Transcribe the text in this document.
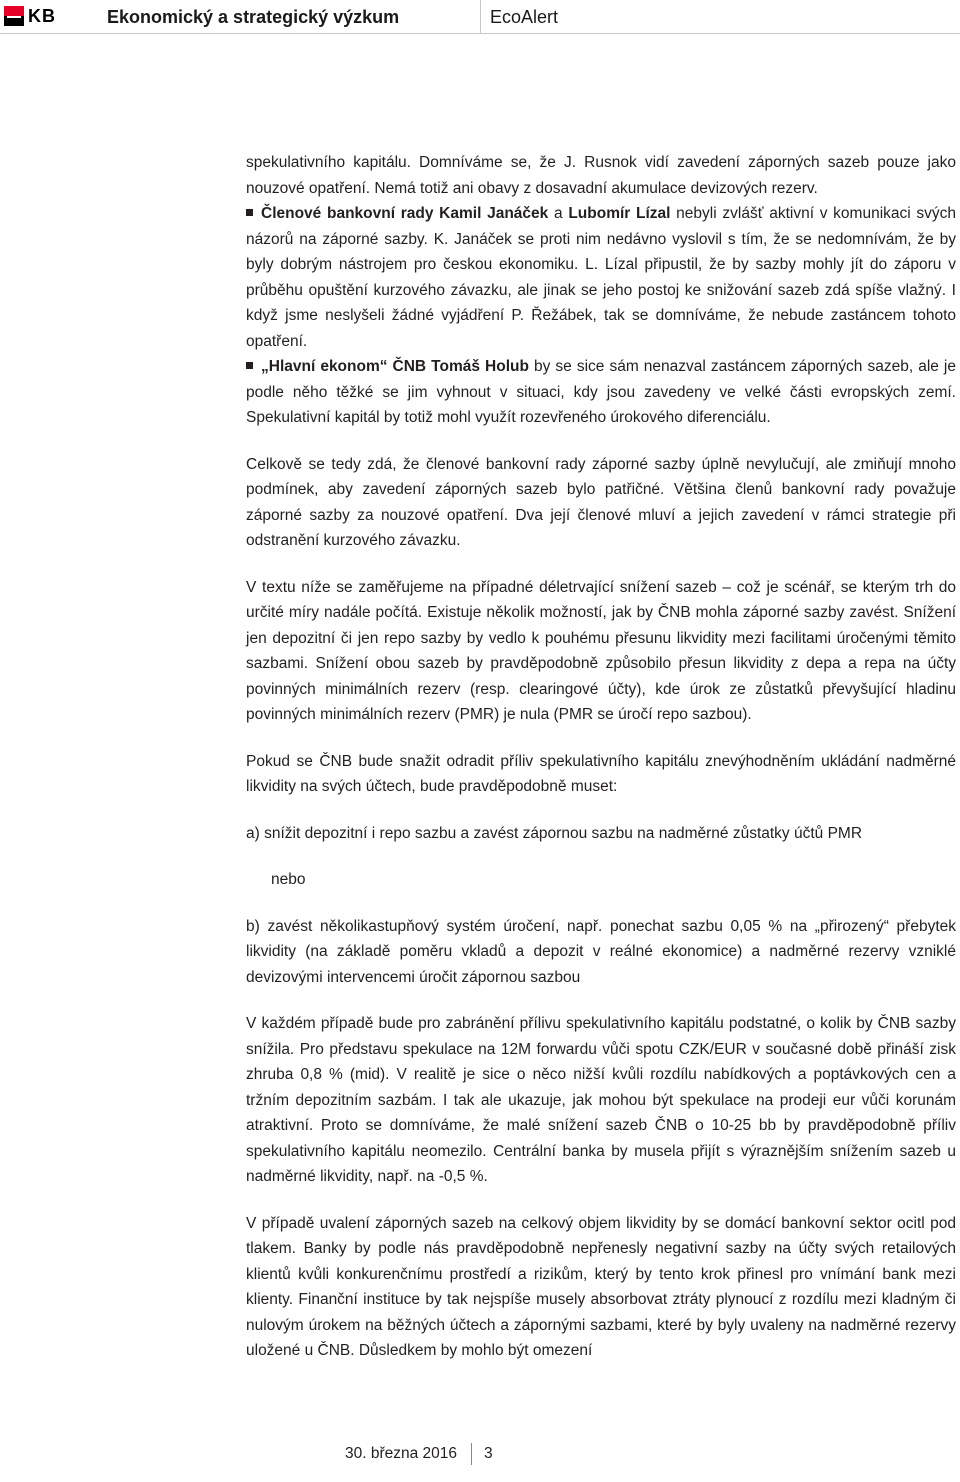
KB	Ekonomický a strategický výzkum	EcoAlert

spekulativního kapitálu. Domníváme se, že J. Rusnok vidí zavedení záporných sazeb pouze jako nouzové opatření. Nemá totiž ani obavy z dosavadní akumulace devizových rezerv.

Členové bankovní rady Kamil Janáček a Lubomír Lízal nebyli zvlášť aktivní v komunikaci svých názorů na záporné sazby. K. Janáček se proti nim nedávno vyslovil s tím, že se nedomnívám, že by byly dobrým nástrojem pro českou ekonomiku. L. Lízal připustil, že by sazby mohly jít do záporu v průběhu opuštění kurzového závazku, ale jinak se jeho postoj ke snižování sazeb zdá spíše vlažný. I když jsme neslyšeli žádné vyjádření P. Řežábek, tak se domníváme, že nebude zastáncem tohoto opatření.

„Hlavní ekonom“ ČNB Tomáš Holub by se sice sám nenazval zastáncem záporných sazeb, ale je podle něho těžké se jim vyhnout v situaci, kdy jsou zavedeny ve velké části evropských zemí. Spekulativní kapitál by totiž mohl využít rozevřeného úrokového diferenciálu.

Celkově se tedy zdá, že členové bankovní rady záporné sazby úplně nevylučují, ale zmiňují mnoho podmínek, aby zavedení záporných sazeb bylo patřičné. Většina členů bankovní rady považuje záporné sazby za nouzové opatření. Dva její členové mluví a jejich zavedení v rámci strategie při odstranění kurzového závazku.

V textu níže se zaměřujeme na případné déletrvající snížení sazeb – což je scénář, se kterým trh do určité míry nadále počítá. Existuje několik možností, jak by ČNB mohla záporné sazby zavést. Snížení jen depozitní či jen repo sazby by vedlo k pouhému přesunu likvidity mezi facilitami úročenými těmito sazbami. Snížení obou sazeb by pravděpodobně způsobilo přesun likvidity z depa a repa na účty povinných minimálních rezerv (resp. clearingové účty), kde úrok ze zůstatků převyšující hladinu povinných minimálních rezerv (PMR) je nula (PMR se úročí repo sazbou).

Pokud se ČNB bude snažit odradit příliv spekulativního kapitálu znevýhodněním ukládání nadměrné likvidity na svých účtech, bude pravděpodobně muset:

a) snížit depozitní i repo sazbu a zavést zápornou sazbu na nadměrné zůstatky účtů PMR

nebo

b) zavést několikastupňový systém úročení, např. ponechat sazbu 0,05 % na „přirozený“ přebytek likvidity (na základě poměru vkladů a depozit v reálné ekonomice) a nadměrné rezervy vzniklé devizovými intervencemi úročit zápornou sazbou

V každém případě bude pro zabránění přílivu spekulativního kapitálu podstatné, o kolik by ČNB sazby snížila. Pro představu spekulace na 12M forwardu vůči spotu CZK/EUR v současné době přináší zisk zhruba 0,8 % (mid). V realitě je sice o něco nižší kvůli rozdílu nabídkových a poptávkových cen a tržním depozitním sazbám. I tak ale ukazuje, jak mohou být spekulace na prodeji eur vůči korunám atraktivní. Proto se domníváme, že malé snížení sazeb ČNB o 10-25 bb by pravděpodobně příliv spekulativního kapitálu neomezilo. Centrální banka by musela přijít s výraznějším snížením sazeb u nadměrné likvidity, např. na -0,5 %.

V případě uvalení záporných sazeb na celkový objem likvidity by se domácí bankovní sektor ocitl pod tlakem. Banky by podle nás pravděpodobně nepřenesly negativní sazby na účty svých retailových klientů kvůli konkurenčnímu prostředí a rizikům, který by tento krok přinesl pro vnímání bank mezi klienty. Finanční instituce by tak nejspíše musely absorbovat ztráty plynoucí z rozdílu mezi kladným či nulovým úrokem na běžných účtech a zápornými sazbami, které by byly uvaleny na nadměrné rezervy uložené u ČNB. Důsledkem by mohlo být omezení

30. března 2016 3
